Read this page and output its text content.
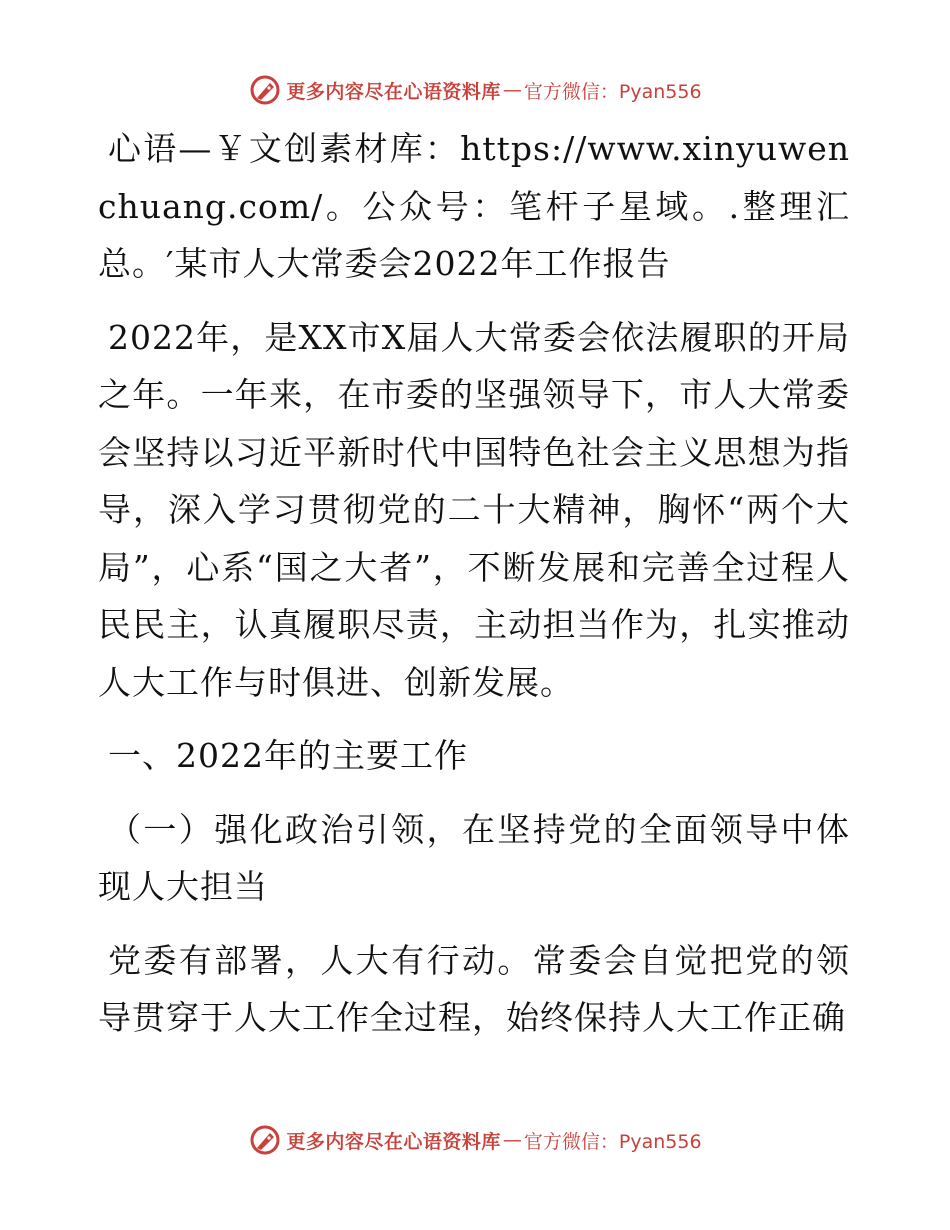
更多内容尽在心语资料库 — 官方微信：Pyan556

心语—￥文创素材库：https://www.xinyuwenchuang.com/。公众号：笔杆子星域。.整理汇总。′某市人大常委会2022年工作报告

2022年，是XX市X届人大常委会依法履职的开局之年。一年来，在市委的坚强领导下，市人大常委会坚持以习近平新时代中国特色社会主义思想为指导，深入学习贯彻党的二十大精神，胸怀“两个大局”，心系“国之大者”，不断发展和完善全过程人民民主，认真履职尽责，主动担当作为，扎实推动人大工作与时俱进、创新发展。

一、2022年的主要工作

（一）强化政治引领，在坚持党的全面领导中体现人大担当

党委有部署，人大有行动。常委会自觉把党的领导贯穿于人大工作全过程，始终保持人大工作正确

更多内容尽在心语资料库 — 官方微信：Pyan556
